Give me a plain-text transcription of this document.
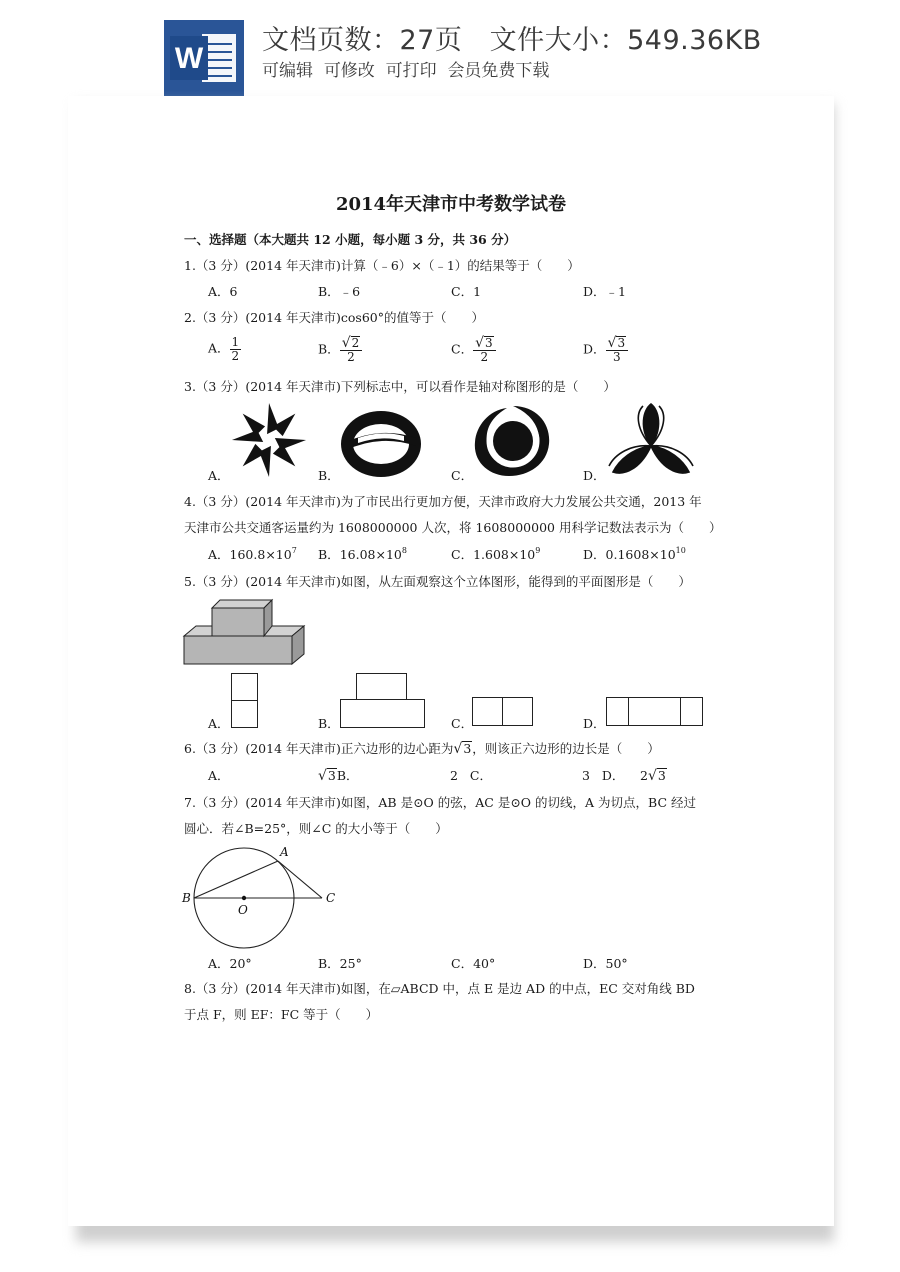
W
文档页数：27页 文件大小：549.36KB
可编辑 可修改 可打印 会员免费下载
2014年天津市中考数学试卷
一、选择题（本大题共 12 小题，每小题 3 分，共 36 分）
1.（3 分）(2014 年天津市)计算（﹣6）×（﹣1）的结果等于（　　）
A．6	B．﹣6	C．1	D．﹣1
2.（3 分）(2014 年天津市)cos60°的值等于（　　）
A． $\frac{1}{2}$	B． $\frac{√ 2}{2}$	C． $\frac{√ 3}{2}$	D． $\frac{√ 3}{3}$
3.（3 分）(2014 年天津市)下列标志中，可以看作是轴对称图形的是（　　）
A．	B．	C．	D．
4.（3 分）(2014 年天津市)为了市民出行更加方便，天津市政府大力发展公共交通，2013 年
天津市公共交通客运量约为 1608000000 人次，将 1608000000 用科学记数法表示为（　　）
A．$160.8\times 10^7$ B．$16.08\times 10^8$	C．$1.608\times 10^9$	D．$0.1608\times 10^{10}$
5.（3 分）(2014 年天津市)如图，从左面观察这个立体图形，能得到的平面图形是（　　）
A．	B．	C．	D．
6.（3 分）(2014 年天津市)正六边形的边心距为 √ 3 ，则该正六边形的边长是（　　）
A．	√ 3 B．	2 C．	3 D． 2 √ 3
7.（3 分）(2014 年天津市)如图，AB 是⊙O 的弦，AC 是⊙O 的切线，A 为切点，BC 经过
圆心．若∠B=25°，则∠C 的大小等于（　　）
A
B
O
C
A．20°	B．25°	C．40°	D．50°
8.（3 分）(2014 年天津市)如图，在▱ABCD 中，点 E 是边 AD 的中点，EC 交对角线 BD
于点 F，则 EF：FC 等于（　　）
